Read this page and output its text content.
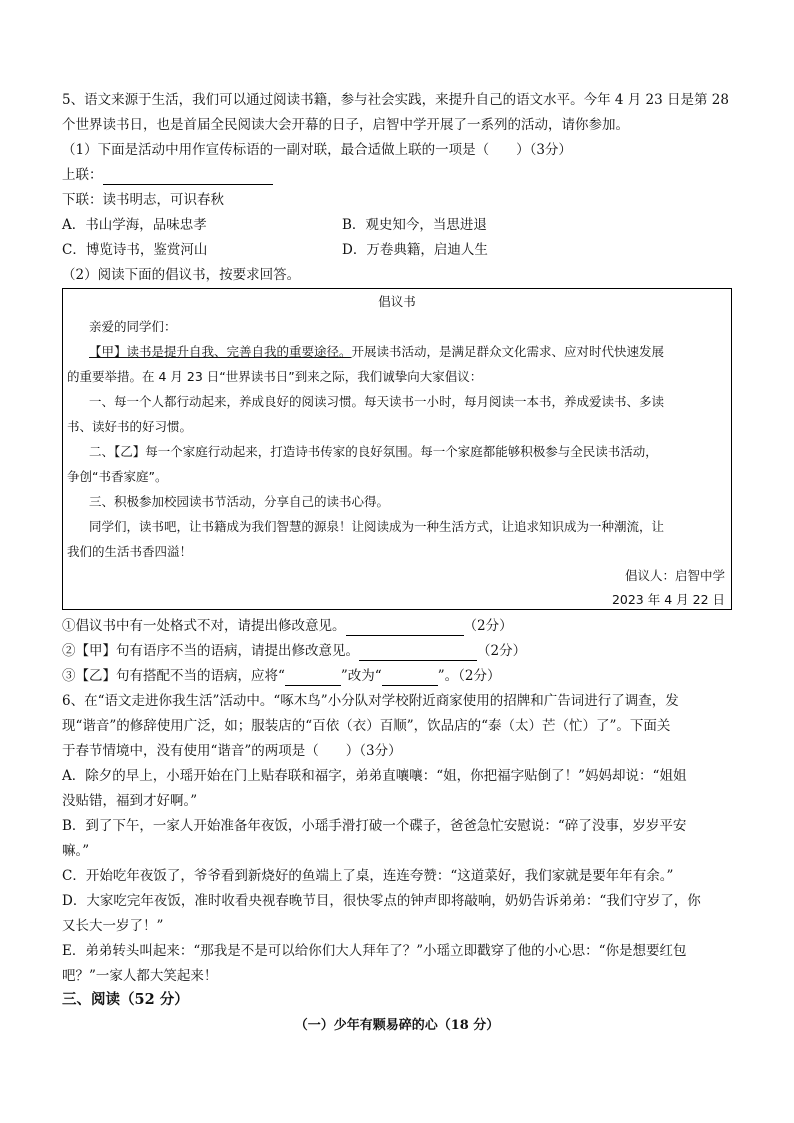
5、语文来源于生活，我们可以通过阅读书籍，参与社会实践，来提升自己的语文水平。今年 4 月 23 日是第 28
个世界读书日，也是首届全民阅读大会开幕的日子，启智中学开展了一系列的活动，请你参加。
（1）下面是活动中用作宣传标语的一副对联，最合适做上联的一项是（　　）（3分）
上联：
下联：读书明志，可识春秋
A．书山学海，品味忠孝	B．观史知今，当思进退
C．博览诗书，鉴赏河山	D．万卷典籍，启迪人生
（2）阅读下面的倡议书，按要求回答。
倡议书
亲爱的同学们：
【甲】读书是提升自我、完善自我的重要途径。开展读书活动，是满足群众文化需求、应对时代快速发展
的重要举措。在 4 月 23 日“世界读书日”到来之际，我们诚挚向大家倡议：
一、每一个人都行动起来，养成良好的阅读习惯。每天读书一小时，每月阅读一本书，养成爱读书、多读
书、读好书的好习惯。
二、【乙】每一个家庭行动起来，打造诗书传家的良好氛围。每一个家庭都能够积极参与全民读书活动，
争创“书香家庭”。
三、积极参加校园读书节活动，分享自己的读书心得。
同学们，读书吧，让书籍成为我们智慧的源泉！让阅读成为一种生活方式，让追求知识成为一种潮流，让
我们的生活书香四溢！
倡议人：启智中学
2023 年 4 月 22 日
①倡议书中有一处格式不对，请提出修改意见。	（2分）
②【甲】句有语序不当的语病，请提出修改意见。	（2分）
③【乙】句有搭配不当的语病，应将“	”改为“	”。（2分）
6、在“语文走进你我生活”活动中。“啄木鸟”小分队对学校附近商家使用的招牌和广告词进行了调查，发
现“谐音”的修辞使用广泛，如；服装店的“百依（衣）百顺”，饮品店的“泰（太）芒（忙）了”。下面关
于春节情境中，没有使用“谐音”的两项是（　　）（3分）
A．除夕的早上，小瑶开始在门上贴春联和福字，弟弟直嚷嚷：“姐，你把福字贴倒了！”妈妈却说：“姐姐
没贴错，福到才好啊。”
B．到了下午，一家人开始准备年夜饭，小瑶手滑打破一个碟子，爸爸急忙安慰说：“碎了没事，岁岁平安
嘛。”
C．开始吃年夜饭了，爷爷看到新烧好的鱼端上了桌，连连夸赞：“这道菜好，我们家就是要年年有余。”
D．大家吃完年夜饭，准时收看央视春晚节目，很快零点的钟声即将敲响，奶奶告诉弟弟：“我们守岁了，你
又长大一岁了！”
E．弟弟转头叫起来：“那我是不是可以给你们大人拜年了？”小瑶立即戳穿了他的小心思：“你是想要红包
吧？”一家人都大笑起来！
三、阅读（52 分）
（一）少年有颗易碎的心（18 分）
